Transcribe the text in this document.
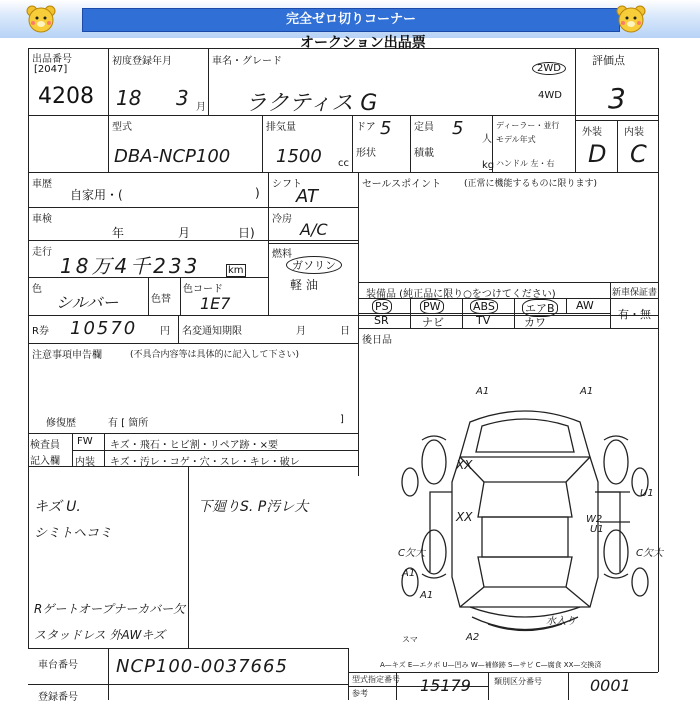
完全ゼロ切りコーナー
出品番号
[2047]
4208
初度登録年月
18 3 月
車名・グレード
オークション出品票
ラクティス G
2WD
4WD
評価点
3
外装 内装
D C
型式
DBA-NCP100
排気量
1500 cc
ドア 5 定員 5
人
形状	積載
kg
ディーラー・並行
モデル年式
ハンドル 左・右
車歴
自家用・(	)
車検
年	月	日)
走行
18万4千233	km
色
シルバー	色替
色コード
1E7
シフト
AT
冷房
A/C
燃料
ガソリン
軽 油
R券 10570 円 名変通知期限	月	日
注意事項申告欄	(不具合内容等は具体的に記入して下さい)
修復歴	有 [ 箇所	]
検査員
記入欄
FW
内装
キズ・飛石・ヒビ割・リペア跡・×要
キズ・汚レ・コゲ・穴・スレ・キレ・破レ
キズ U.
シミトヘコミ
下廻りS. P汚レ大
Rゲートオープナーカバー欠
スタッドレス 外AWキズ
車台番号 NCP100-0037665
登録番号
セールスポイント	(正常に機能するものに限ります)
装備品 (純正品に限り○をつけてください)	新車保証書
有・無
PS	PW	ABS	エアB AW
SR	ナビ	TV	カワ
後日品
A1	A1
XX
XX
U1
W2
U1
C欠大	C欠大
A1
A1
A2
水入り
スマ
A—キズ E—エクボ U—凹み W—補修跡 S—サビ C—腐食 XX—交換済
型式指定番号
参考	15179	類別区分番号	0001
